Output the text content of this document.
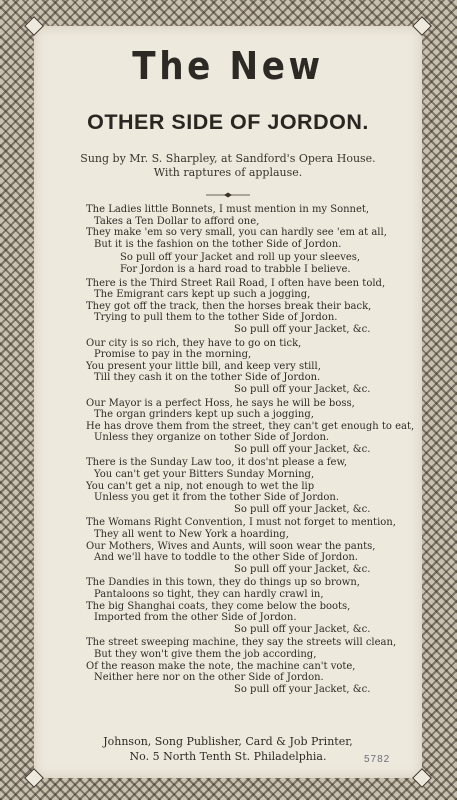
The New
OTHER SIDE OF JORDON.
Sung by Mr. S. Sharpley, at Sandford's Opera House.
With raptures of applause.
The Ladies little Bonnets, I must mention in my Sonnet,
Takes a Ten Dollar to afford one,
They make 'em so very small, you can hardly see 'em at all,
But it is the fashion on the tother Side of Jordon.
So pull off your Jacket and roll up your sleeves,
For Jordon is a hard road to trabble I believe.
There is the Third Street Rail Road, I often have been told,
The Emigrant cars kept up such a jogging,
They got off the track, then the horses break their back,
Trying to pull them to the tother Side of Jordon.
So pull off your Jacket, &c.
Our city is so rich, they have to go on tick,
Promise to pay in the morning,
You present your little bill, and keep very still,
Till they cash it on the tother Side of Jordon.
So pull off your Jacket, &c.
Our Mayor is a perfect Hoss, he says he will be boss,
The organ grinders kept up such a jogging,
He has drove them from the street, they can't get enough to eat,
Unless they organize on tother Side of Jordon.
So pull off your Jacket, &c.
There is the Sunday Law too, it dos'nt please a few,
You can't get your Bitters Sunday Morning,
You can't get a nip, not enough to wet the lip
Unless you get it from the tother Side of Jordon.
So pull off your Jacket, &c.
The Womans Right Convention, I must not forget to mention,
They all went to New York a hoarding,
Our Mothers, Wives and Aunts, will soon wear the pants,
And we'll have to toddle to the other Side of Jordon.
So pull off your Jacket, &c.
The Dandies in this town, they do things up so brown,
Pantaloons so tight, they can hardly crawl in,
The big Shanghai coats, they come below the boots,
Imported from the other Side of Jordon.
So pull off your Jacket, &c.
The street sweeping machine, they say the streets will clean,
But they won't give them the job according,
Of the reason make the note, the machine can't vote,
Neither here nor on the other Side of Jordon.
So pull off your Jacket, &c.
Johnson, Song Publisher, Card & Job Printer,
No. 5 North Tenth St. Philadelphia.	5782
